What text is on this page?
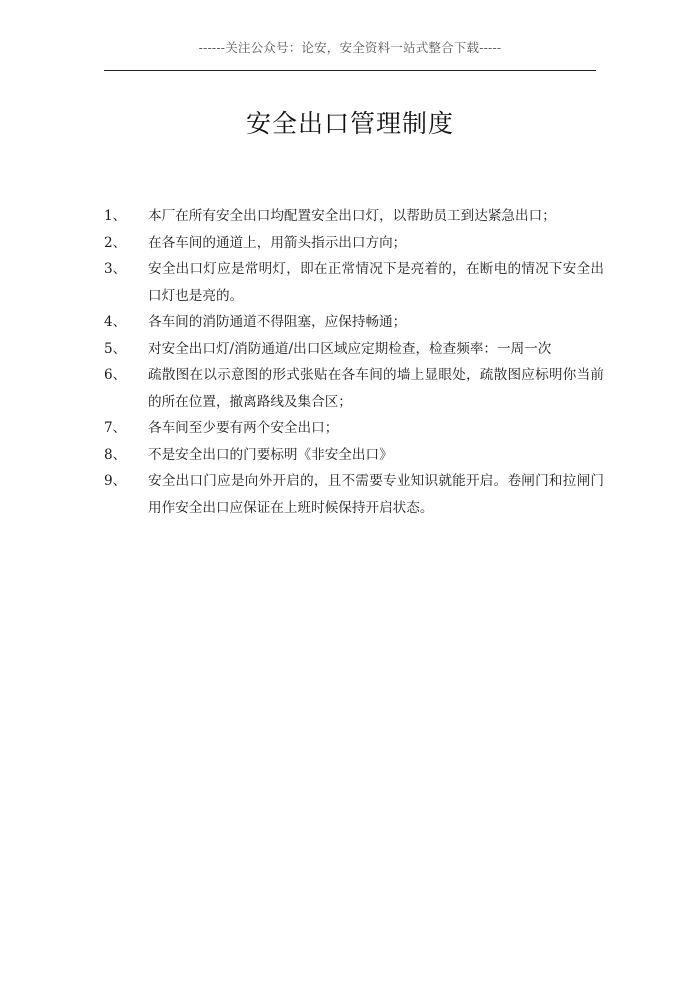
------关注公众号：论安，安全资料一站式整合下载-----
安全出口管理制度
1、	本厂在所有安全出口均配置安全出口灯，以帮助员工到达紧急出口；
2、	在各车间的通道上，用箭头指示出口方向；
3、	安全出口灯应是常明灯，即在正常情况下是亮着的，在断电的情况下安全出口灯也是亮的。
4、	各车间的消防通道不得阻塞，应保持畅通；
5、	对安全出口灯/消防通道/出口区域应定期检查，检查频率：一周一次
6、	疏散图在以示意图的形式张贴在各车间的墙上显眼处，疏散图应标明你当前的所在位置，撤离路线及集合区；
7、	各车间至少要有两个安全出口；
8、	不是安全出口的门要标明《非安全出口》
9、	安全出口门应是向外开启的，且不需要专业知识就能开启。卷闸门和拉闸门用作安全出口应保证在上班时候保持开启状态。
